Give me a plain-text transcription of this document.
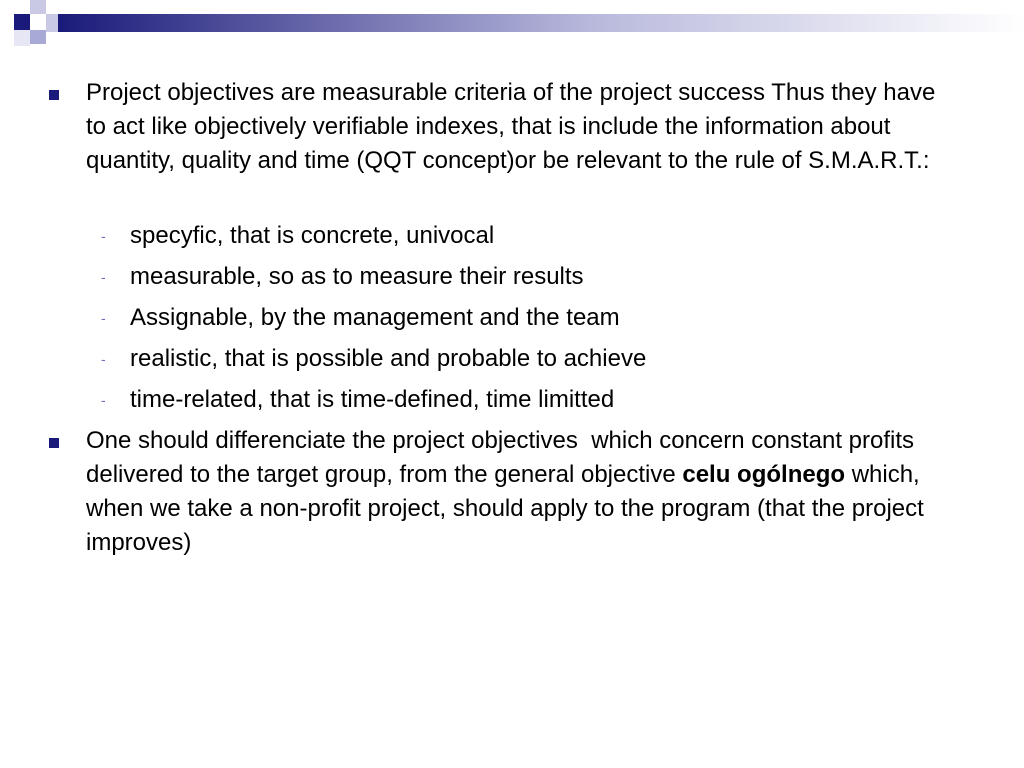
Project objectives are measurable criteria of the project success Thus they have to act like objectively verifiable indexes, that is include the information about quantity, quality and time (QQT concept)or be relevant to the rule of S.M.A.R.T.:
- specyfic, that is concrete, univocal
- measurable, so as to measure their results
- Assignable, by the management and the team
- realistic, that is possible and probable to achieve
- time-related, that is time-defined, time limitted
One should differenciate the project objectives  which concern constant profits delivered to the target group, from the general objective celu ogólnego which, when we take a non-profit project, should apply to the program (that the project improves)
